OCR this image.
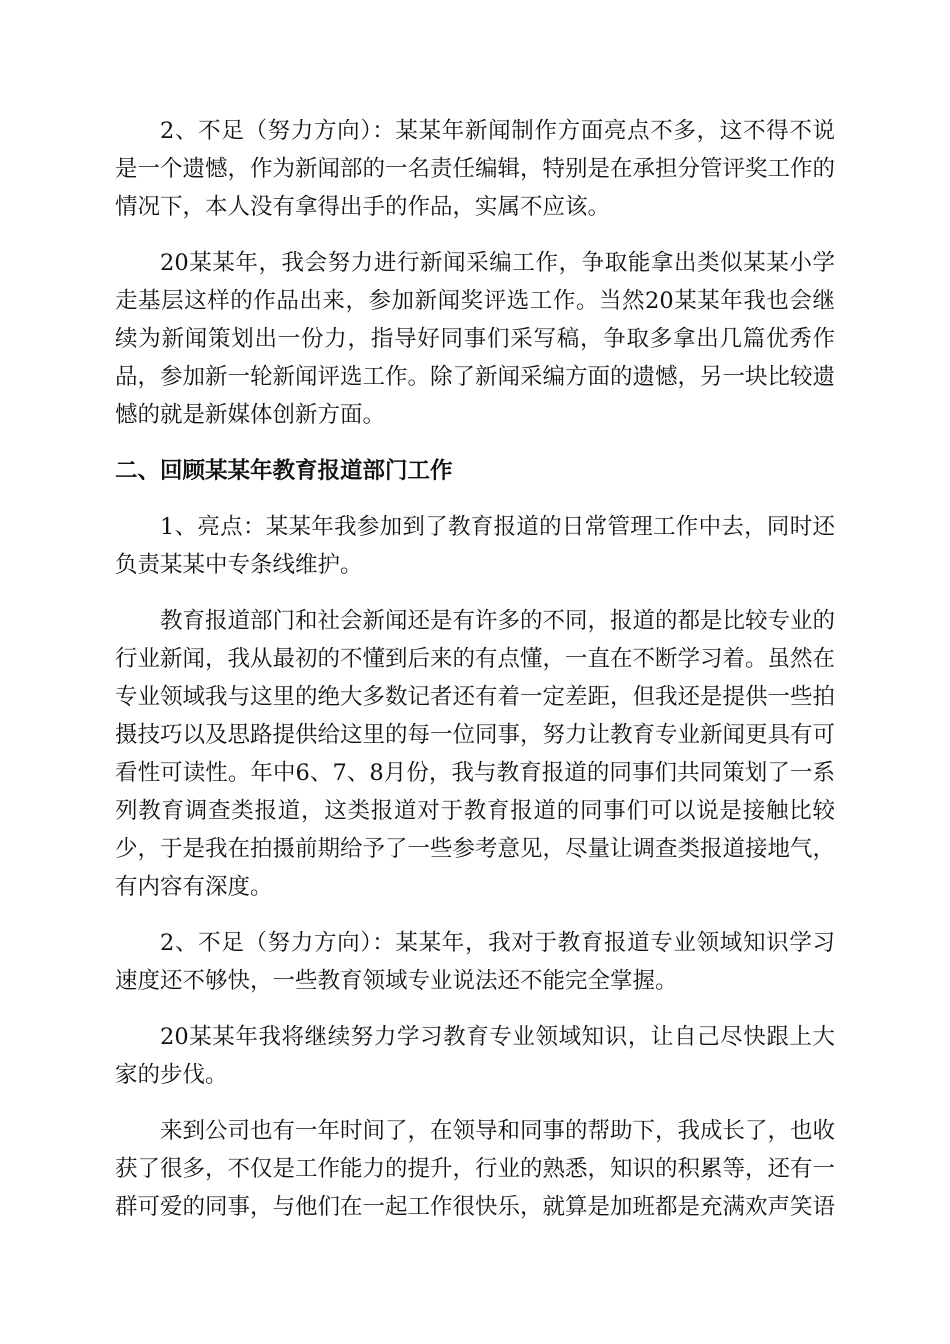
2、不足（努力方向）：某某年新闻制作方面亮点不多，这不得不说是一个遗憾，作为新闻部的一名责任编辑，特别是在承担分管评奖工作的情况下，本人没有拿得出手的作品，实属不应该。

20某某年，我会努力进行新闻采编工作，争取能拿出类似某某小学走基层这样的作品出来，参加新闻奖评选工作。当然20某某年我也会继续为新闻策划出一份力，指导好同事们采写稿，争取多拿出几篇优秀作品，参加新一轮新闻评选工作。除了新闻采编方面的遗憾，另一块比较遗憾的就是新媒体创新方面。

二、回顾某某年教育报道部门工作

1、亮点：某某年我参加到了教育报道的日常管理工作中去，同时还负责某某中专条线维护。

教育报道部门和社会新闻还是有许多的不同，报道的都是比较专业的行业新闻，我从最初的不懂到后来的有点懂，一直在不断学习着。虽然在专业领域我与这里的绝大多数记者还有着一定差距，但我还是提供一些拍摄技巧以及思路提供给这里的每一位同事，努力让教育专业新闻更具有可看性可读性。年中6、7、8月份，我与教育报道的同事们共同策划了一系列教育调查类报道，这类报道对于教育报道的同事们可以说是接触比较少，于是我在拍摄前期给予了一些参考意见，尽量让调查类报道接地气，有内容有深度。

2、不足（努力方向）：某某年，我对于教育报道专业领域知识学习速度还不够快，一些教育领域专业说法还不能完全掌握。

20某某年我将继续努力学习教育专业领域知识，让自己尽快跟上大家的步伐。

来到公司也有一年时间了，在领导和同事的帮助下，我成长了，也收获了很多，不仅是工作能力的提升，行业的熟悉，知识的积累等，还有一群可爱的同事，与他们在一起工作很快乐，就算是加班都是充满欢声笑语
